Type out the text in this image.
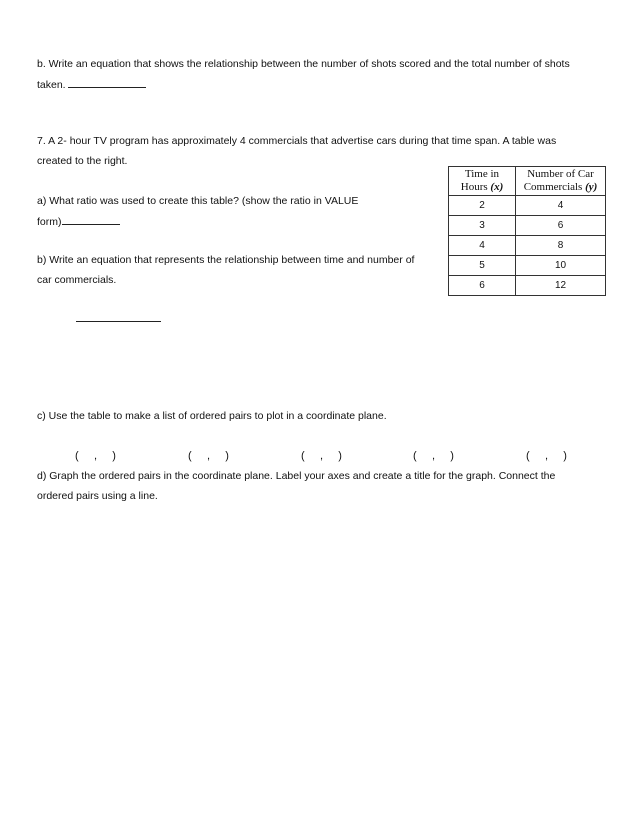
b. Write an equation that shows the relationship between the number of shots scored and the total number of shots
taken.
7. A 2- hour TV program has approximately 4 commercials that advertise cars during that time span. A table was
created to the right.
a) What ratio was used to create this table? (show the ratio in VALUE
form)
b) Write an equation that represents the relationship between time and number of
car commercials.
Time in
Hours (x)	Number of Car
Commercials (y)
2	4
3	6
4	8
5	10
6	12
c) Use the table to make a list of ordered pairs to plot in a coordinate plane.
(     ,     )	(     ,     )	(     ,     )	(     ,     )	(     ,     )
d) Graph the ordered pairs in the coordinate plane. Label your axes and create a title for the graph. Connect the
ordered pairs using a line.
